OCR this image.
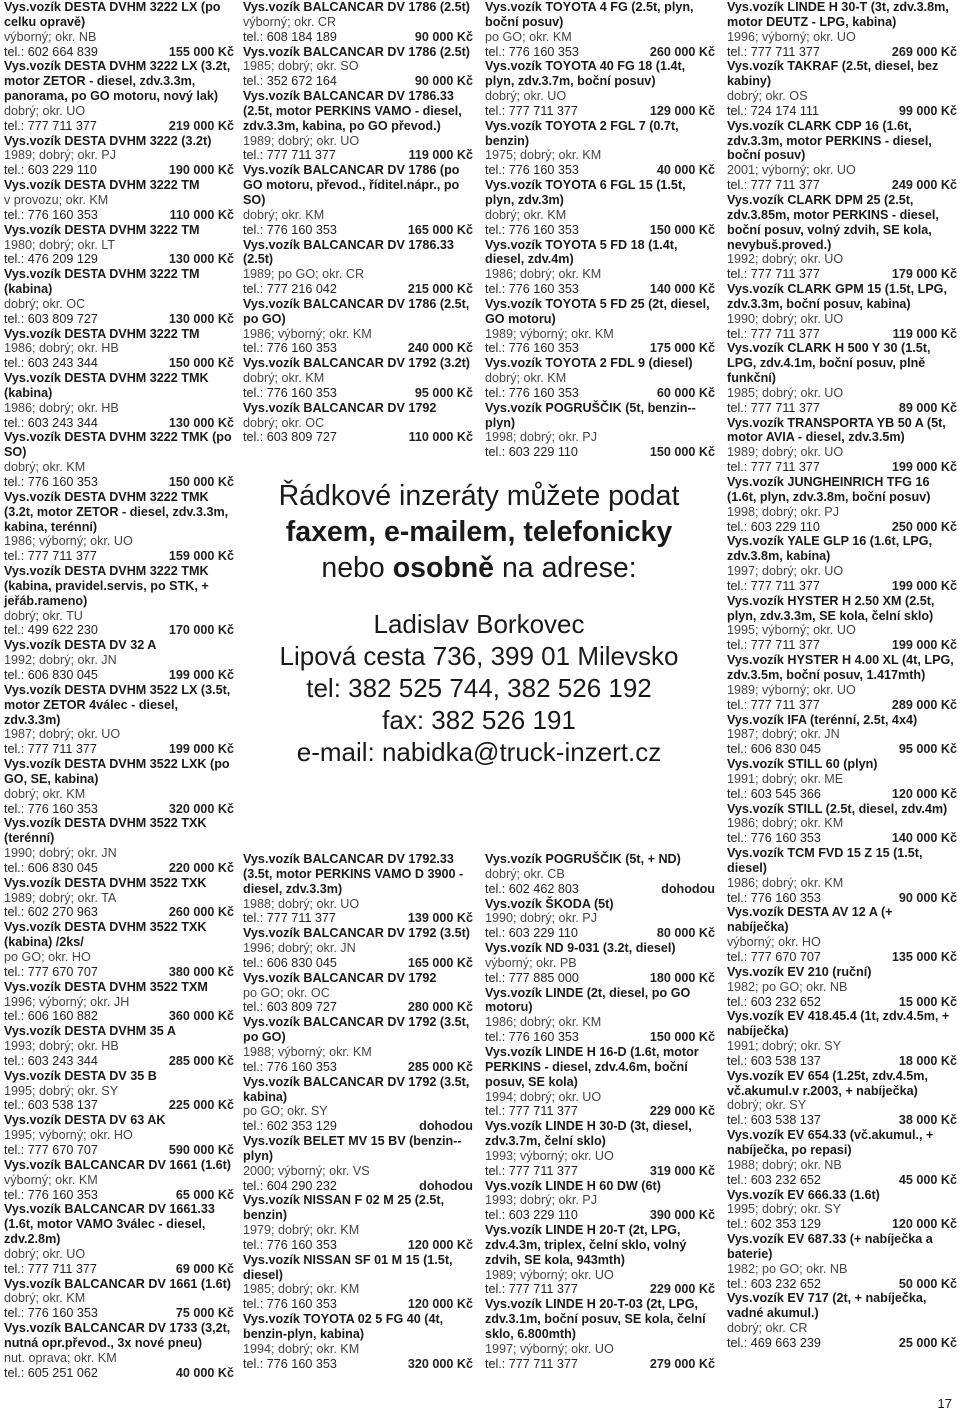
Vys.vozík DESTA DVHM 3222 LX (po celku opravě)

výborný; okr. NB

tel.: 602 664 839	155 000 Kč

Vys.vozík DESTA DVHM 3222 LX (3.2t, motor ZETOR - diesel, zdv.3.3m, panorama, po GO motoru, nový lak)

dobrý; okr. UO

tel.: 777 711 377	219 000 Kč

Vys.vozík DESTA DVHM 3222 (3.2t)

1989; dobrý; okr. PJ

tel.: 603 229 110	190 000 Kč

Vys.vozík DESTA DVHM 3222 TM

v provozu; okr. KM

tel.: 776 160 353	110 000 Kč

Vys.vozík DESTA DVHM 3222 TM

1980; dobrý; okr. LT

tel.: 476 209 129	130 000 Kč

Vys.vozík DESTA DVHM 3222 TM (kabina)

dobrý; okr. OC

tel.: 603 809 727	130 000 Kč

Vys.vozík DESTA DVHM 3222 TM

1986; dobrý; okr. HB

tel.: 603 243 344	150 000 Kč

Vys.vozík DESTA DVHM 3222 TMK (kabina)

1986; dobrý; okr. HB

tel.: 603 243 344	130 000 Kč

Vys.vozík DESTA DVHM 3222 TMK (po SO)

dobrý; okr. KM

tel.: 776 160 353	150 000 Kč

Vys.vozík DESTA DVHM 3222 TMK (3.2t, motor ZETOR - diesel, zdv.3.3m, kabina, terénní)

1986; výborný; okr. UO

tel.: 777 711 377	159 000 Kč

Vys.vozík DESTA DVHM 3222 TMK (kabina, pravidel.servis, po STK, + jeřáb.rameno)

dobrý; okr. TU

tel.: 499 622 230	170 000 Kč

Vys.vozík DESTA DV 32 A

1992; dobrý; okr. JN

tel.: 606 830 045	199 000 Kč

Vys.vozík DESTA DVHM 3522 LX (3.5t, motor ZETOR 4válec - diesel, zdv.3.3m)

1987; dobrý; okr. UO

tel.: 777 711 377	199 000 Kč

Vys.vozík DESTA DVHM 3522 LXK (po GO, SE, kabina)

dobrý; okr. KM

tel.: 776 160 353	320 000 Kč

Vys.vozík DESTA DVHM 3522 TXK (terénní)

1990; dobrý; okr. JN

tel.: 606 830 045	220 000 Kč

Vys.vozík DESTA DVHM 3522 TXK

1989; dobrý; okr. TA

tel.: 602 270 963	260 000 Kč

Vys.vozík DESTA DVHM 3522 TXK (kabina) /2ks/

po GO; okr. HO

tel.: 777 670 707	380 000 Kč

Vys.vozík DESTA DVHM 3522 TXM

1996; výborný; okr. JH

tel.: 606 160 882	360 000 Kč

Vys.vozík DESTA DVHM 35 A

1993; dobrý; okr. HB

tel.: 603 243 344	285 000 Kč

Vys.vozík DESTA DV 35 B

1995; dobrý; okr. SY

tel.: 603 538 137	225 000 Kč

Vys.vozík DESTA DV 63 AK

1995; výborný; okr. HO

tel.: 777 670 707	590 000 Kč

Vys.vozík BALCANCAR DV 1661 (1.6t)

výborný; okr. KM

tel.: 776 160 353	65 000 Kč

Vys.vozík BALCANCAR DV 1661.33 (1.6t, motor VAMO 3válec - diesel, zdv.2.8m)

dobrý; okr. UO

tel.: 777 711 377	69 000 Kč

Vys.vozík BALCANCAR DV 1661 (1.6t)

dobrý; okr. KM

tel.: 776 160 353	75 000 Kč

Vys.vozík BALCANCAR DV 1733 (3,2t, nutná opr.převod., 3x nové pneu)

nut. oprava; okr. KM

tel.: 605 251 062	40 000 Kč

Vys.vozík BALCANCAR DV 1786 (2.5t)

výborný; okr. CR

tel.: 608 184 189	90 000 Kč

Vys.vozík BALCANCAR DV 1786 (2.5t)

1985; dobrý; okr. SO

tel.: 352 672 164	90 000 Kč

Vys.vozík BALCANCAR DV 1786.33 (2.5t, motor PERKINS VAMO - diesel, zdv.3.3m, kabina, po GO převod.)

1989; dobrý; okr. UO

tel.: 777 711 377	119 000 Kč

Vys.vozík BALCANCAR DV 1786 (po GO motoru, převod., říditel.nápr., po SO)

dobrý; okr. KM

tel.: 776 160 353	165 000 Kč

Vys.vozík BALCANCAR DV 1786.33 (2.5t)

1989; po GO; okr. CR

tel.: 777 216 042	215 000 Kč

Vys.vozík BALCANCAR DV 1786 (2.5t, po GO)

1986; výborný; okr. KM

tel.: 776 160 353	240 000 Kč

Vys.vozík BALCANCAR DV 1792 (3.2t)

dobrý; okr. KM

tel.: 776 160 353	95 000 Kč

Vys.vozík BALCANCAR DV 1792

dobrý; okr. OC

tel.: 603 809 727	110 000 Kč

Vys.vozík TOYOTA 4 FG (2.5t, plyn, boční posuv)

po GO; okr. KM

tel.: 776 160 353	260 000 Kč

Vys.vozík TOYOTA 40 FG 18 (1.4t, plyn, zdv.3.7m, boční posuv)

dobrý; okr. UO

tel.: 777 711 377	129 000 Kč

Vys.vozík TOYOTA 2 FGL 7 (0.7t, benzin)

1975; dobrý; okr. KM

tel.: 776 160 353	40 000 Kč

Vys.vozík TOYOTA 6 FGL 15 (1.5t, plyn, zdv.3m)

dobrý; okr. KM

tel.: 776 160 353	150 000 Kč

Vys.vozík TOYOTA 5 FD 18 (1.4t, diesel, zdv.4m)

1986; dobrý; okr. KM

tel.: 776 160 353	140 000 Kč

Vys.vozík TOYOTA 5 FD 25 (2t, diesel, GO motoru)

1989; výborný; okr. KM

tel.: 776 160 353	175 000 Kč

Vys.vozík TOYOTA 2 FDL 9 (diesel)

dobrý; okr. KM

tel.: 776 160 353	60 000 Kč

Vys.vozík POGRUŠČIK (5t, benzin--plyn)

1998; dobrý; okr. PJ

tel.: 603 229 110	150 000 Kč

Vys.vozík LINDE H 30-T (3t, zdv.3.8m, motor DEUTZ - LPG, kabina)

1996; výborný; okr. UO

tel.: 777 711 377	269 000 Kč

Vys.vozík TAKRAF (2.5t, diesel, bez kabiny)

dobrý; okr. OS

tel.: 724 174 111	99 000 Kč

Vys.vozík CLARK CDP 16 (1.6t, zdv.3.3m, motor PERKINS - diesel, boční posuv)

2001; výborný; okr. UO

tel.: 777 711 377	249 000 Kč

Vys.vozík CLARK DPM 25 (2.5t, zdv.3.85m, motor PERKINS - diesel, boční posuv, volný zdvih, SE kola, nevybuš.proved.)

1992; dobrý; okr. UO

tel.: 777 711 377	179 000 Kč

Vys.vozík CLARK GPM 15 (1.5t, LPG, zdv.3.3m, boční posuv, kabina)

1990; dobrý; okr. UO

tel.: 777 711 377	119 000 Kč

Vys.vozík CLARK H 500 Y 30 (1.5t, LPG, zdv.4.1m, boční posuv, plně funkční)

1985; dobrý; okr. UO

tel.: 777 711 377	89 000 Kč

Vys.vozík TRANSPORTA YB 50 A (5t, motor AVIA - diesel, zdv.3.5m)

1989; dobrý; okr. UO

tel.: 777 711 377	199 000 Kč

Vys.vozík JUNGHEINRICH TFG 16 (1.6t, plyn, zdv.3.8m, boční posuv)

1998; dobrý; okr. PJ

tel.: 603 229 110	250 000 Kč

Vys.vozík YALE GLP 16 (1.6t, LPG, zdv.3.8m, kabina)

1997; dobrý; okr. UO

tel.: 777 711 377	199 000 Kč

Vys.vozík HYSTER H 2.50 XM (2.5t, plyn, zdv.3.3m, SE kola, čelní sklo)

1995; výborný; okr. UO

tel.: 777 711 377	199 000 Kč

Vys.vozík HYSTER H 4.00 XL (4t, LPG, zdv.3.5m, boční posuv, 1.417mth)

1989; výborný; okr. UO

tel.: 777 711 377	289 000 Kč

Vys.vozík IFA (terénní, 2.5t, 4x4)

1987; dobrý; okr. JN

tel.: 606 830 045	95 000 Kč

Vys.vozík STILL 60 (plyn)

1991; dobrý; okr. ME

tel.: 603 545 366	120 000 Kč

Vys.vozík STILL (2.5t, diesel, zdv.4m)

1986; dobrý; okr. KM

tel.: 776 160 353	140 000 Kč

Vys.vozík TCM FVD 15 Z 15 (1.5t, diesel)

1986; dobrý; okr. KM

tel.: 776 160 353	90 000 Kč

Vys.vozík DESTA AV 12 A (+ nabíječka)

výborný; okr. HO

tel.: 777 670 707	135 000 Kč

Vys.vozík EV 210 (ruční)

1982; po GO; okr. NB

tel.: 603 232 652	15 000 Kč

Vys.vozík EV 418.45.4 (1t, zdv.4.5m, + nabíječka)

1991; dobrý; okr. SY

tel.: 603 538 137	18 000 Kč

Vys.vozík EV 654 (1.25t, zdv.4.5m, vč.akumul.v r.2003, + nabíječka)

dobrý; okr. SY

tel.: 603 538 137	38 000 Kč

Vys.vozík EV 654.33 (vč.akumul., + nabíječka, po repasi)

1988; dobrý; okr. NB

tel.: 603 232 652	45 000 Kč

Vys.vozík EV 666.33 (1.6t)

1995; dobrý; okr. SY

tel.: 602 353 129	120 000 Kč

Vys.vozík EV 687.33 (+ nabíječka a baterie)

1982; po GO; okr. NB

tel.: 603 232 652	50 000 Kč

Vys.vozík EV 717 (2t, + nabíječka, vadné akumul.)

dobrý; okr. CR

tel.: 469 663 239	25 000 Kč

Řádkové inzeráty můžete podat
faxem, e-mailem, telefonicky
nebo osobně na adrese:
Ladislav Borkovec
Lipová cesta 736, 399 01 Milevsko
tel: 382 525 744, 382 526 192
fax: 382 526 191
e-mail: nabidka@truck-inzert.cz

Vys.vozík BALCANCAR DV 1792.33 (3.5t, motor PERKINS VAMO D 3900 - diesel, zdv.3.3m)

1988; dobrý; okr. UO

tel.: 777 711 377	139 000 Kč

Vys.vozík BALCANCAR DV 1792 (3.5t)

1996; dobrý; okr. JN

tel.: 606 830 045	165 000 Kč

Vys.vozík BALCANCAR DV 1792

po GO; okr. OC

tel.: 603 809 727	280 000 Kč

Vys.vozík BALCANCAR DV 1792 (3.5t, po GO)

1988; výborný; okr. KM

tel.: 776 160 353	285 000 Kč

Vys.vozík BALCANCAR DV 1792 (3.5t, kabina)

po GO; okr. SY

tel.: 602 353 129	dohodou

Vys.vozík BELET MV 15 BV (benzin--plyn)

2000; výborný; okr. VS

tel.: 604 290 232	dohodou

Vys.vozík NISSAN F 02 M 25 (2.5t, benzin)

1979; dobrý; okr. KM

tel.: 776 160 353	120 000 Kč

Vys.vozík NISSAN SF 01 M 15 (1.5t, diesel)

1985; dobrý; okr. KM

tel.: 776 160 353	120 000 Kč

Vys.vozík TOYOTA 02 5 FG 40 (4t, benzin-plyn, kabina)

1994; dobrý; okr. KM

tel.: 776 160 353	320 000 Kč

Vys.vozík POGRUŠČIK (5t, + ND)

dobrý; okr. CB

tel.: 602 462 803	dohodou

Vys.vozík ŠKODA (5t)

1990; dobrý; okr. PJ

tel.: 603 229 110	80 000 Kč

Vys.vozík ND 9-031 (3.2t, diesel)

výborný; okr. PB

tel.: 777 885 000	180 000 Kč

Vys.vozík LINDE (2t, diesel, po GO motoru)

1986; dobrý; okr. KM

tel.: 776 160 353	150 000 Kč

Vys.vozík LINDE H 16-D (1.6t, motor PERKINS - diesel, zdv.4.6m, boční posuv, SE kola)

1994; dobrý; okr. UO

tel.: 777 711 377	229 000 Kč

Vys.vozík LINDE H 30-D (3t, diesel, zdv.3.7m, čelní sklo)

1993; výborný; okr. UO

tel.: 777 711 377	319 000 Kč

Vys.vozík LINDE H 60 DW (6t)

1993; dobrý; okr. PJ

tel.: 603 229 110	390 000 Kč

Vys.vozík LINDE H 20-T (2t, LPG, zdv.4.3m, triplex, čelní sklo, volný zdvih, SE kola, 943mth)

1989; výborný; okr. UO

tel.: 777 711 377	229 000 Kč

Vys.vozík LINDE H 20-T-03 (2t, LPG, zdv.3.1m, boční posuv, SE kola, čelní sklo, 6.800mth)

1997; výborný; okr. UO

tel.: 777 711 377	279 000 Kč

17
